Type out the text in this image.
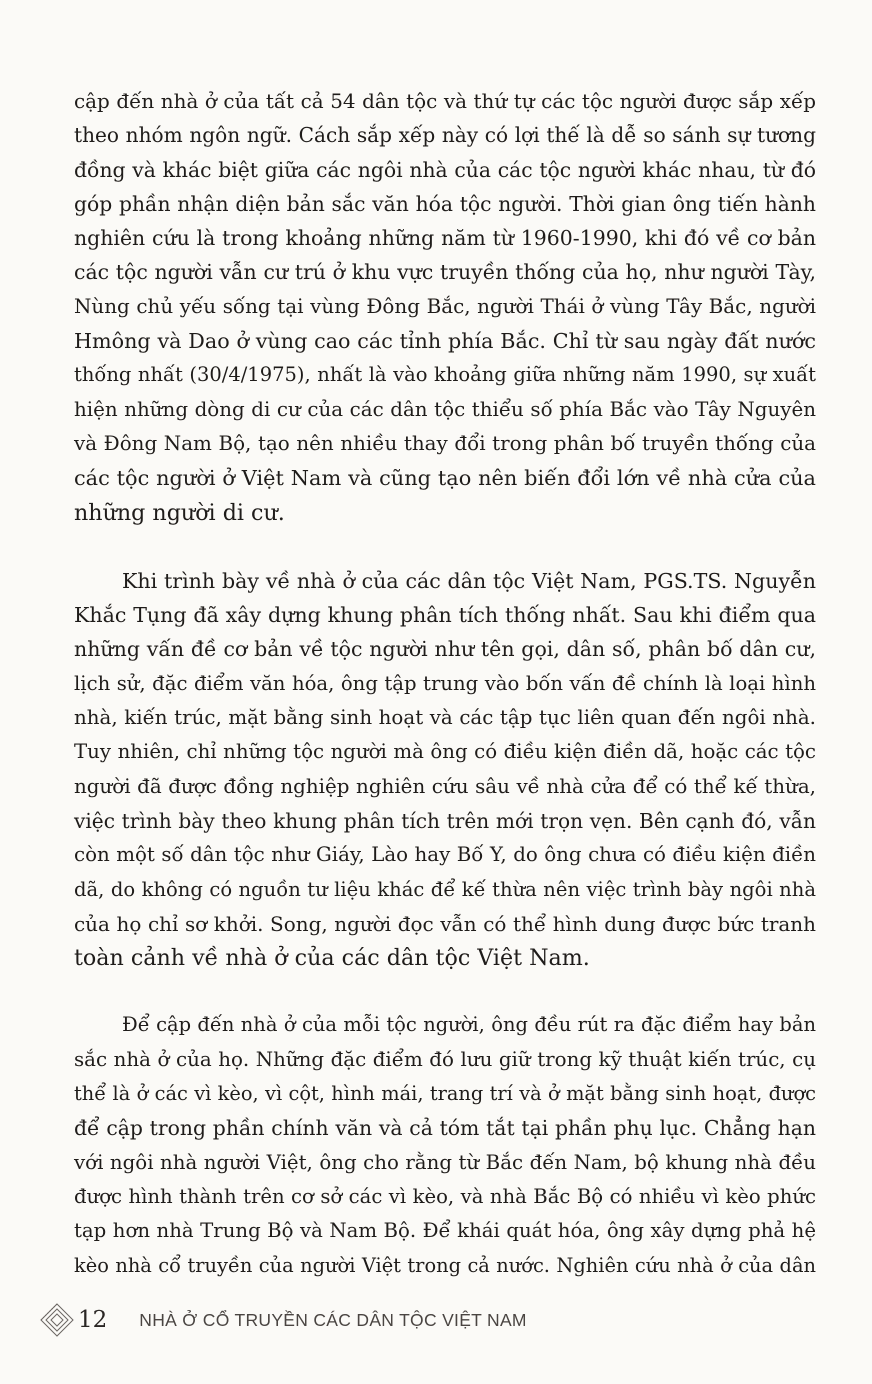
cập đến nhà ở của tất cả 54 dân tộc và thứ tự các tộc người được sắp xếp
theo nhóm ngôn ngữ. Cách sắp xếp này có lợi thế là dễ so sánh sự tương
đồng và khác biệt giữa các ngôi nhà của các tộc người khác nhau, từ đó
góp phần nhận diện bản sắc văn hóa tộc người. Thời gian ông tiến hành
nghiên cứu là trong khoảng những năm từ 1960-1990, khi đó về cơ bản
các tộc người vẫn cư trú ở khu vực truyền thống của họ, như người Tày,
Nùng chủ yếu sống tại vùng Đông Bắc, người Thái ở vùng Tây Bắc, người
Hmông và Dao ở vùng cao các tỉnh phía Bắc. Chỉ từ sau ngày đất nước
thống nhất (30/4/1975), nhất là vào khoảng giữa những năm 1990, sự xuất
hiện những dòng di cư của các dân tộc thiểu số phía Bắc vào Tây Nguyên
và Đông Nam Bộ, tạo nên nhiều thay đổi trong phân bố truyền thống của
các tộc người ở Việt Nam và cũng tạo nên biến đổi lớn về nhà cửa của
những người di cư.
Khi trình bày về nhà ở của các dân tộc Việt Nam, PGS.TS. Nguyễn
Khắc Tụng đã xây dựng khung phân tích thống nhất. Sau khi điểm qua
những vấn đề cơ bản về tộc người như tên gọi, dân số, phân bố dân cư,
lịch sử, đặc điểm văn hóa, ông tập trung vào bốn vấn đề chính là loại hình
nhà, kiến trúc, mặt bằng sinh hoạt và các tập tục liên quan đến ngôi nhà.
Tuy nhiên, chỉ những tộc người mà ông có điều kiện điền dã, hoặc các tộc
người đã được đồng nghiệp nghiên cứu sâu về nhà cửa để có thể kế thừa,
việc trình bày theo khung phân tích trên mới trọn vẹn. Bên cạnh đó, vẫn
còn một số dân tộc như Giáy, Lào hay Bố Y, do ông chưa có điều kiện điền
dã, do không có nguồn tư liệu khác để kế thừa nên việc trình bày ngôi nhà
của họ chỉ sơ khởi. Song, người đọc vẫn có thể hình dung được bức tranh
toàn cảnh về nhà ở của các dân tộc Việt Nam.
Để cập đến nhà ở của mỗi tộc người, ông đều rút ra đặc điểm hay bản
sắc nhà ở của họ. Những đặc điểm đó lưu giữ trong kỹ thuật kiến trúc, cụ
thể là ở các vì kèo, vì cột, hình mái, trang trí và ở mặt bằng sinh hoạt, được
để cập trong phần chính văn và cả tóm tắt tại phần phụ lục. Chẳng hạn
với ngôi nhà người Việt, ông cho rằng từ Bắc đến Nam, bộ khung nhà đều
được hình thành trên cơ sở các vì kèo, và nhà Bắc Bộ có nhiều vì kèo phức
tạp hơn nhà Trung Bộ và Nam Bộ. Để khái quát hóa, ông xây dựng phả hệ
kèo nhà cổ truyền của người Việt trong cả nước. Nghiên cứu nhà ở của dân
12 NHÀ Ở CỔ TRUYỀN CÁC DÂN TỘC VIỆT NAM
